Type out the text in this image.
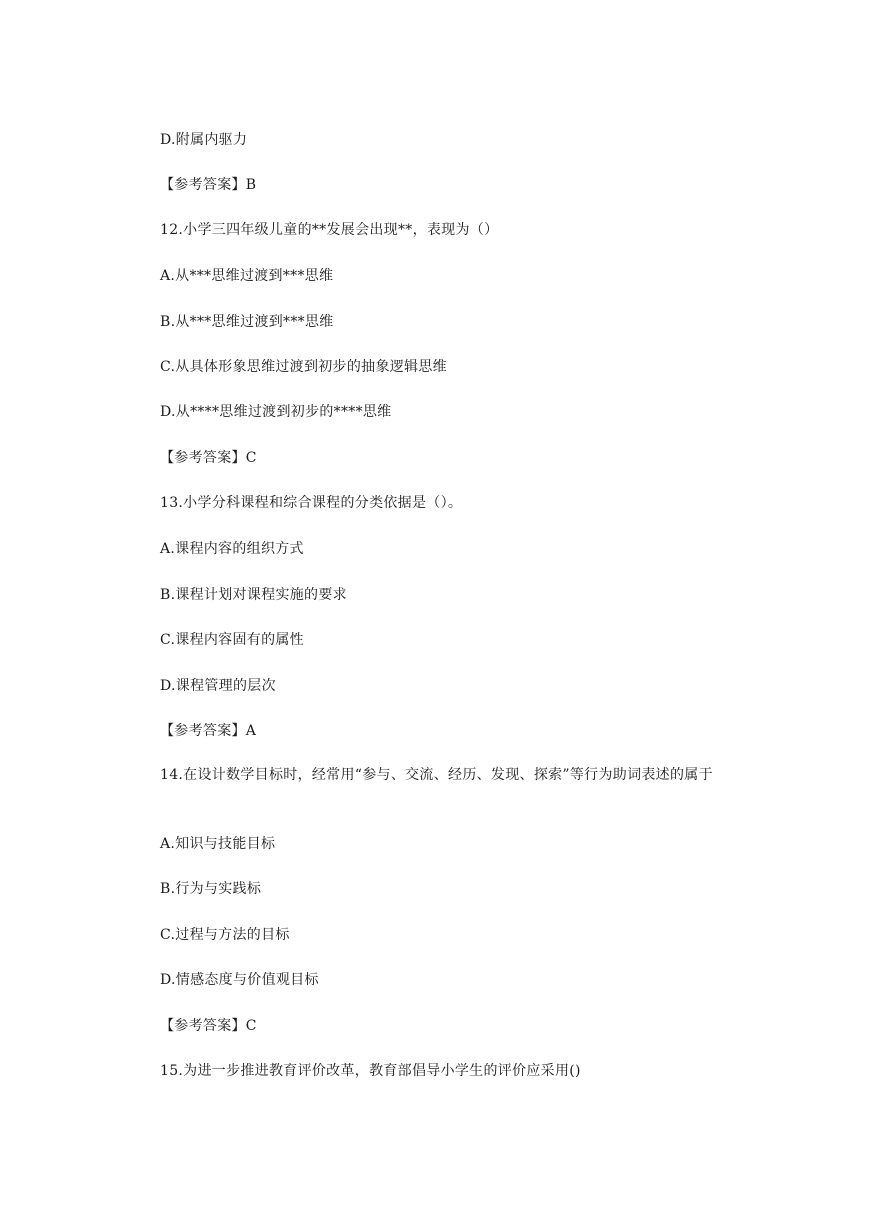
D.附属内驱力
【参考答案】B
12.小学三四年级儿童的**发展会出现**，表现为（）
A.从***思维过渡到***思维
B.从***思维过渡到***思维
C.从具体形象思维过渡到初步的抽象逻辑思维
D.从****思维过渡到初步的****思维
【参考答案】C
13.小学分科课程和综合课程的分类依据是（）。
A.课程内容的组织方式
B.课程计划对课程实施的要求
C.课程内容固有的属性
D.课程管理的层次
【参考答案】A
14.在设计数学目标时，经常用“参与、交流、经历、发现、探索”等行为助词表述的属于
A.知识与技能目标
B.行为与实践标
C.过程与方法的目标
D.情感态度与价值观目标
【参考答案】C
15.为进一步推进教育评价改革，教育部倡导小学生的评价应采用()
